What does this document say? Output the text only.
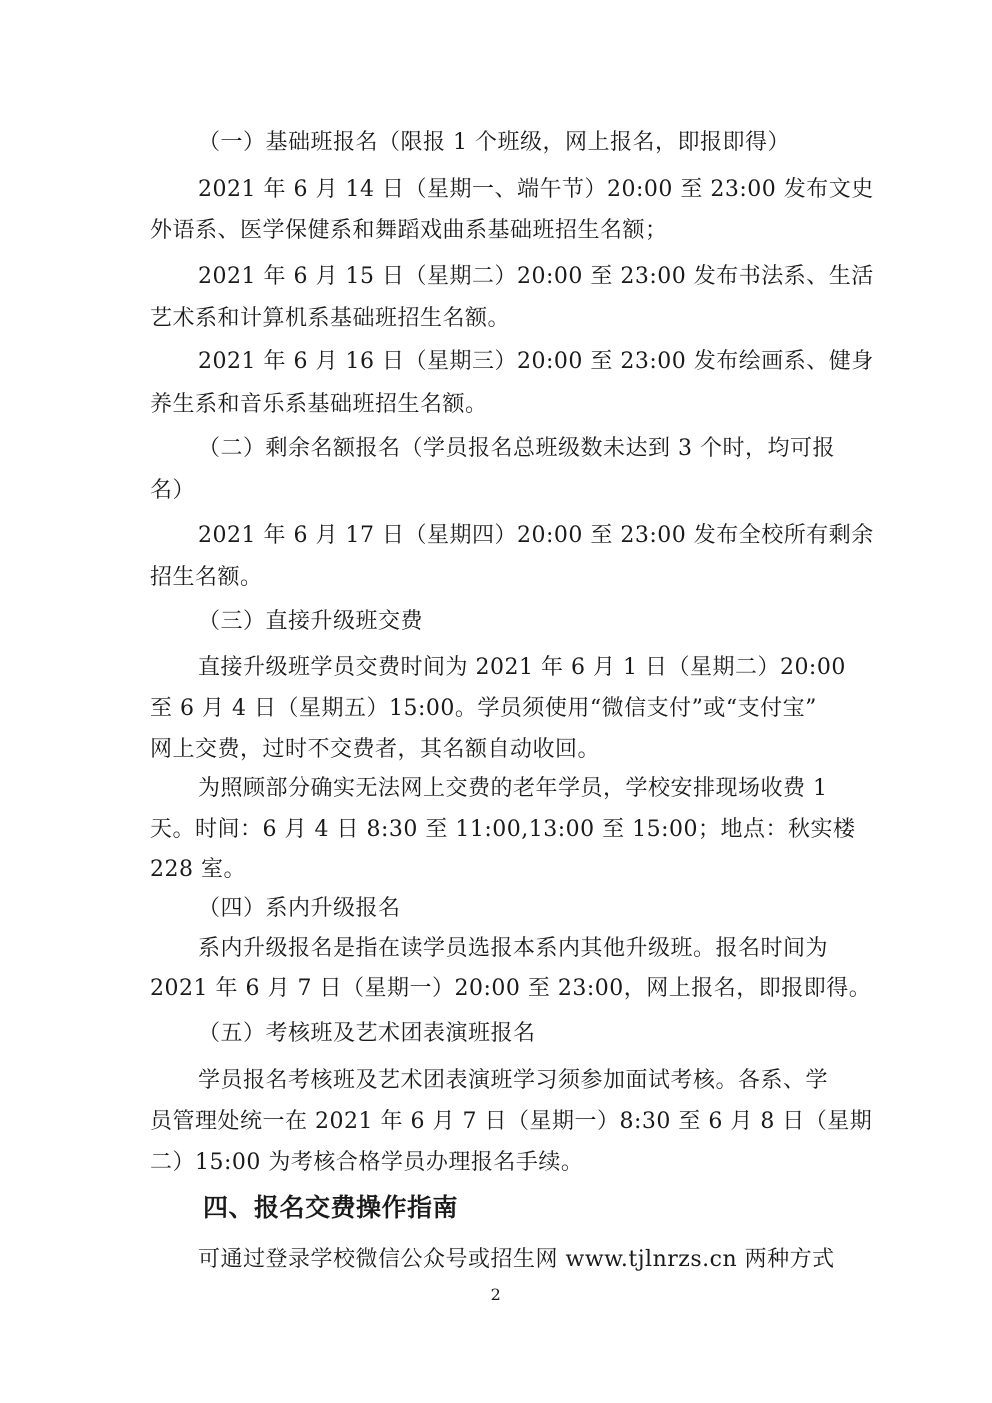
（一）基础班报名（限报 1 个班级，网上报名，即报即得）
2021 年 6 月 14 日（星期一、端午节）20:00 至 23:00 发布文史
外语系、医学保健系和舞蹈戏曲系基础班招生名额；
2021 年 6 月 15 日（星期二）20:00 至 23:00 发布书法系、生活
艺术系和计算机系基础班招生名额。
2021 年 6 月 16 日（星期三）20:00 至 23:00 发布绘画系、健身
养生系和音乐系基础班招生名额。
（二）剩余名额报名（学员报名总班级数未达到 3 个时，均可报
名）
2021 年 6 月 17 日（星期四）20:00 至 23:00 发布全校所有剩余
招生名额。
（三）直接升级班交费
直接升级班学员交费时间为 2021 年 6 月 1 日（星期二）20:00
至 6 月 4 日（星期五）15:00。学员须使用“微信支付”或“支付宝”
网上交费，过时不交费者，其名额自动收回。
为照顾部分确实无法网上交费的老年学员，学校安排现场收费 1
天。时间：6 月 4 日 8:30 至 11:00,13:00 至 15:00；地点：秋实楼
228 室。
（四）系内升级报名
系内升级报名是指在读学员选报本系内其他升级班。报名时间为
2021 年 6 月 7 日（星期一）20:00 至 23:00，网上报名，即报即得。
（五）考核班及艺术团表演班报名
学员报名考核班及艺术团表演班学习须参加面试考核。各系、学
员管理处统一在 2021 年 6 月 7 日（星期一）8:30 至 6 月 8 日（星期
二）15:00 为考核合格学员办理报名手续。
四、报名交费操作指南
可通过登录学校微信公众号或招生网 www.tjlnrzs.cn 两种方式
2
